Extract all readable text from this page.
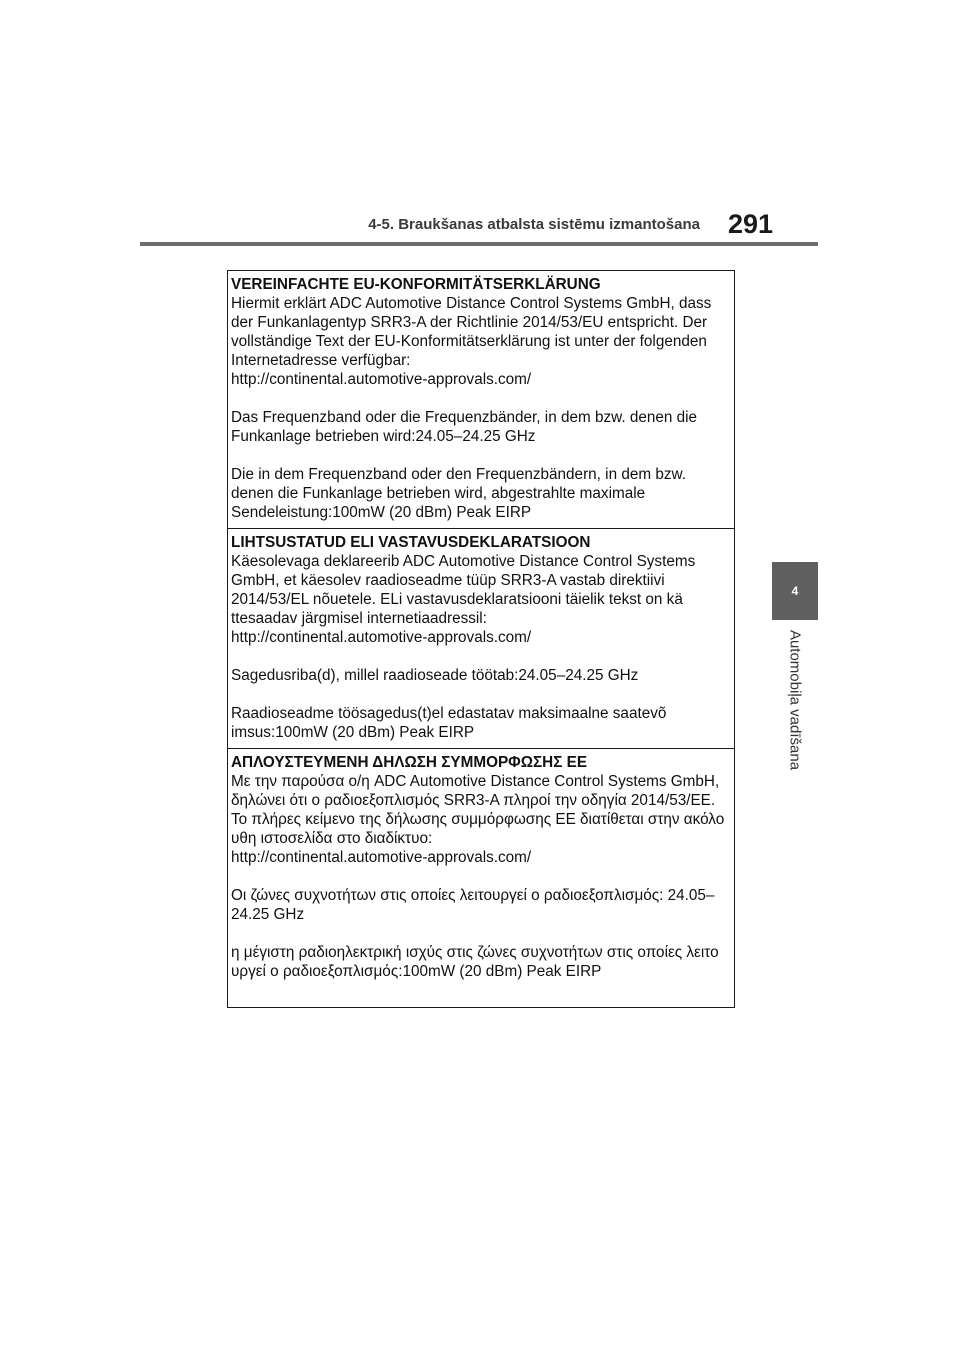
4-5. Braukšanas atbalsta sistēmu izmantošana 291
4
Automobiļa vadīšana
VEREINFACHTE EU-KONFORMITÄTSERKLÄRUNG

Hiermit erklärt ADC Automotive Distance Control Systems GmbH, dass
der Funkanlagentyp SRR3-A der Richtlinie 2014/53/EU entspricht. Der
vollständige Text der EU-Konformitätserklärung ist unter der folgenden
Internetadresse verfügbar:
http://continental.automotive-approvals.com/

Das Frequenzband oder die Frequenzbänder, in dem bzw. denen die
Funkanlage betrieben wird:24.05–24.25 GHz

Die in dem Frequenzband oder den Frequenzbändern, in dem bzw.
denen die Funkanlage betrieben wird, abgestrahlte maximale
Sendeleistung:100mW (20 dBm) Peak EIRP

LIHTSUSTATUD ELI VASTAVUSDEKLARATSIOON

Käesolevaga deklareerib ADC Automotive Distance Control Systems
GmbH, et käesolev raadioseadme tüüp SRR3-A vastab direktiivi
2014/53/EL nõuetele. ELi vastavusdeklaratsiooni täielik tekst on kä
ttesaadav järgmisel internetiaadressil:
http://continental.automotive-approvals.com/

Sagedusriba(d), millel raadioseade töötab:24.05–24.25 GHz

Raadioseadme töösagedus(t)el edastatav maksimaalne saatevõ
imsus:100mW (20 dBm) Peak EIRP

ΑΠΛΟΥΣΤΕΥΜΕΝΗ ΔΗΛΩΣΗ ΣΥΜΜΟΡΦΩΣΗΣ ΕΕ

Με την παρούσα ο/η ADC Automotive Distance Control Systems GmbH,
δηλώνει ότι ο ραδιοεξοπλισμός SRR3-A πληροί την οδηγία 2014/53/ΕΕ.
Το πλήρες κείμενο της δήλωσης συμμόρφωσης ΕΕ διατίθεται στην ακόλο
υθη ιστοσελίδα στο διαδίκτυο:
http://continental.automotive-approvals.com/

Οι ζώνες συχνοτήτων στις οποίες λειτουργεί ο ραδιοεξοπλισμός: 24.05–
24.25 GHz

η μέγιστη ραδιοηλεκτρική ισχύς στις ζώνες συχνοτήτων στις οποίες λειτο
υργεί ο ραδιοεξοπλισμός:100mW (20 dBm) Peak EIRP
